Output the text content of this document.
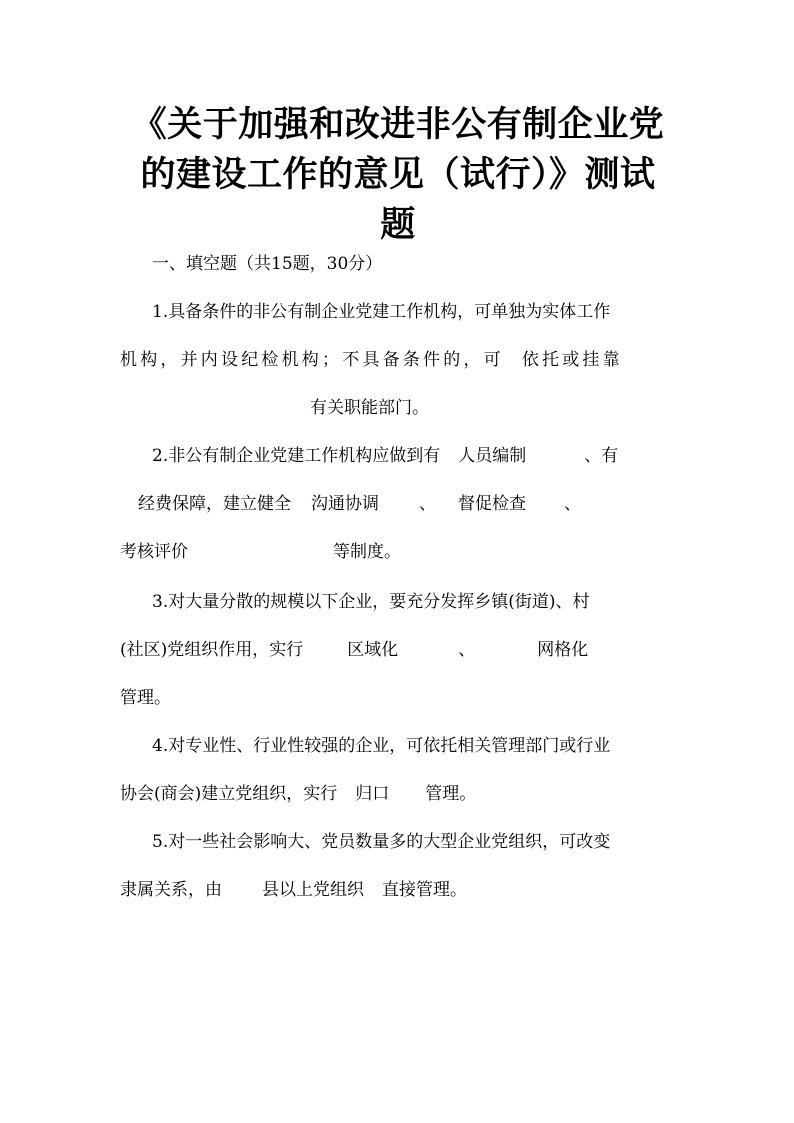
《关于加强和改进非公有制企业党
的建设工作的意见（试行）》测试
题
一、填空题（共15题，30分）
1.具备条件的非公有制企业党建工作机构，可单独为实体工作
机构，并内设纪检机构；不具备条件的，可 依托或挂靠
有关职能部门。
2.非公有制企业党建工作机构应做到有 人员编制	、有
经费保障，建立健全 沟通协调 、 督促检查 、
考核评价	等制度。
3.对大量分散的规模以下企业，要充分发挥乡镇(街道)、村
(社区)党组织作用，实行	区域化	、	网格化
管理。
4.对专业性、行业性较强的企业，可依托相关管理部门或行业
协会(商会)建立党组织，实行 归口 管理。
5.对一些社会影响大、党员数量多的大型企业党组织，可改变
隶属关系，由 县以上党组织 直接管理。
